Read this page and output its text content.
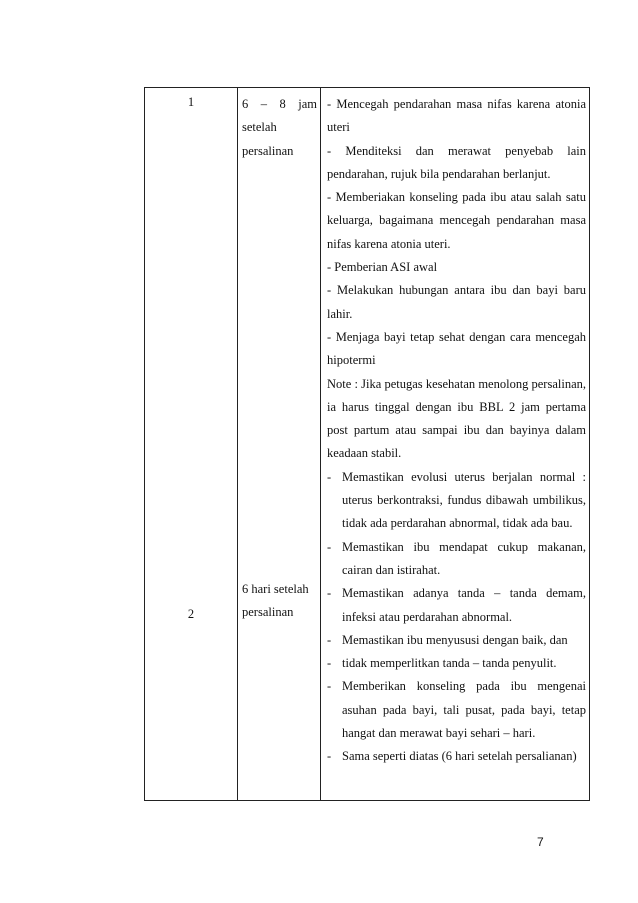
1
2
6 – 8 jam
setelah
persalinan
6 hari setelah
persalinan
- Mencegah pendarahan masa nifas karena atonia
uteri
- Menditeksi dan merawat penyebab lain
pendarahan, rujuk bila pendarahan berlanjut.
- Memberiakan konseling pada ibu atau salah satu keluarga, bagaimana mencegah pendarahan masa nifas karena atonia uteri.
- Pemberian ASI awal
- Melakukan hubungan antara ibu dan bayi baru lahir.
- Menjaga bayi tetap sehat dengan cara mencegah hipotermi
Note : Jika petugas kesehatan menolong persalinan, ia harus tinggal dengan ibu BBL 2 jam pertama post partum atau sampai ibu dan bayinya dalam keadaan stabil.
- Memastikan evolusi uterus berjalan normal : uterus berkontraksi, fundus dibawah umbilikus, tidak ada perdarahan abnormal, tidak ada bau.
- Memastikan ibu mendapat cukup makanan, cairan dan istirahat.
- Memastikan adanya tanda – tanda demam, infeksi atau perdarahan abnormal.
- Memastikan ibu menyususi dengan baik, dan
- tidak memperlitkan tanda – tanda penyulit.
- Memberikan konseling pada ibu mengenai asuhan pada bayi, tali pusat, pada bayi, tetap hangat dan merawat bayi sehari – hari.
- Sama seperti diatas (6 hari setelah persalianan)
7
